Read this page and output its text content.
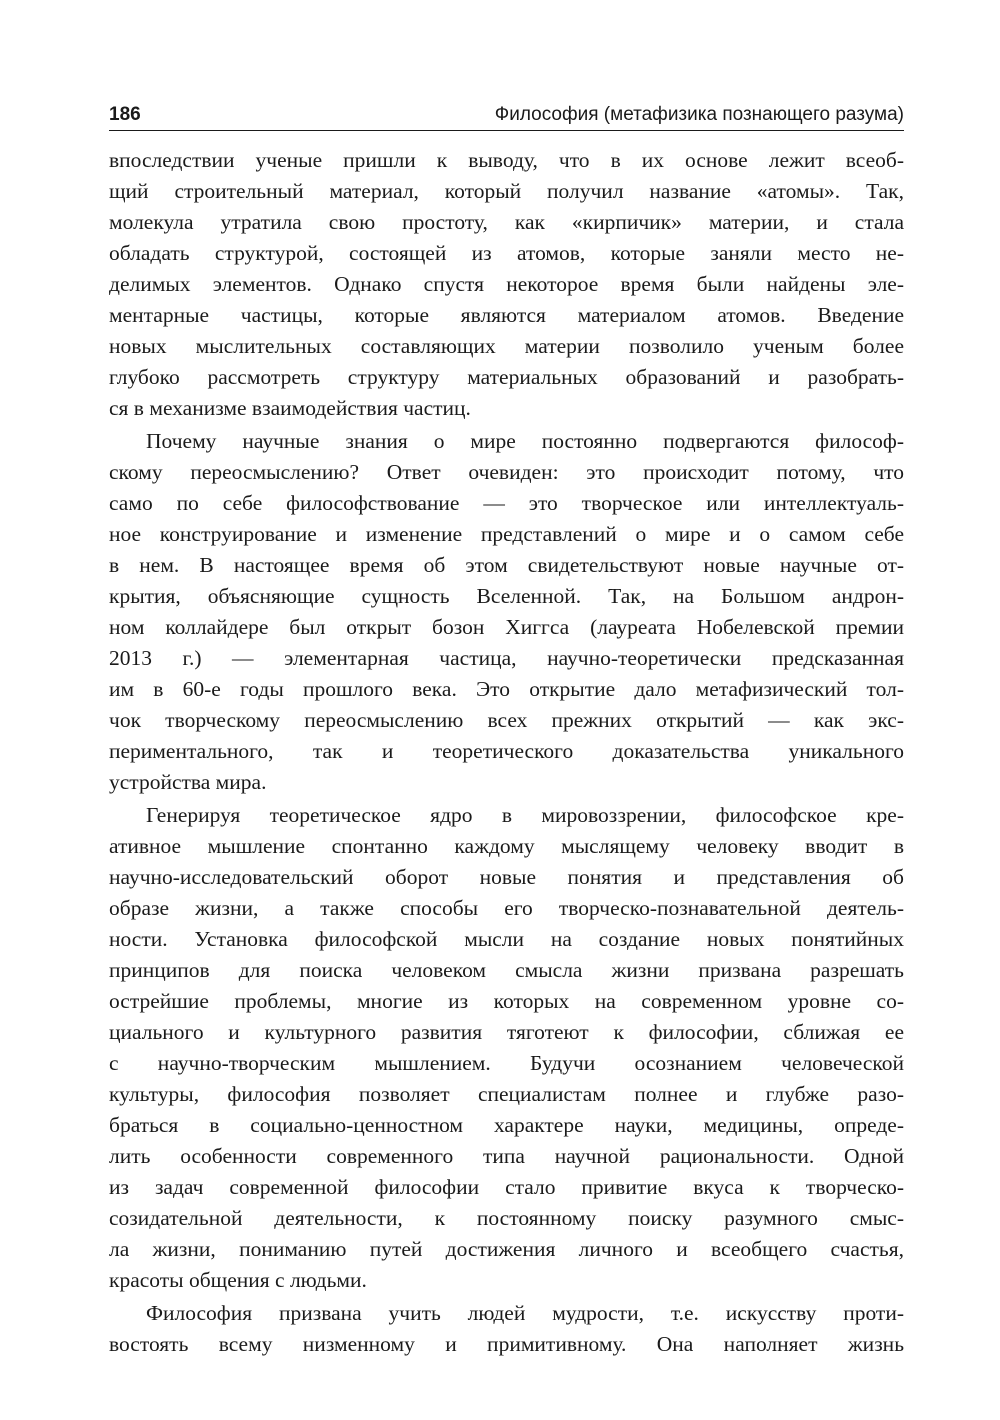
186	Философия (метафизика познающего разума)
впоследствии ученые пришли к выводу, что в их основе лежит всеоб-
щий строительный материал, который получил название «атомы». Так,
молекула утратила свою простоту, как «кирпичик» материи, и стала
обладать структурой, состоящей из атомов, которые заняли место не-
делимых элементов. Однако спустя некоторое время были найдены эле-
ментарные частицы, которые являются материалом атомов. Введение
новых мыслительных составляющих материи позволило ученым более
глубоко рассмотреть структуру материальных образований и разобрать-
ся в механизме взаимодействия частиц.
Почему научные знания о мире постоянно подвергаются философ-
скому переосмыслению? Ответ очевиден: это происходит потому, что
само по себе философствование — это творческое или интеллектуаль-
ное конструирование и изменение представлений о мире и о самом себе
в нем. В настоящее время об этом свидетельствуют новые научные от-
крытия, объясняющие сущность Вселенной. Так, на Большом андрон-
ном коллайдере был открыт бозон Хиггса (лауреата Нобелевской премии
2013 г.) — элементарная частица, научно-теоретически предсказанная
им в 60-е годы прошлого века. Это открытие дало метафизический тол-
чок творческому переосмыслению всех прежних открытий — как экс-
периментального, так и теоретического доказательства уникального
устройства мира.
Генерируя теоретическое ядро в мировоззрении, философское кре-
ативное мышление спонтанно каждому мыслящему человеку вводит в
научно-исследовательский оборот новые понятия и представления об
образе жизни, а также способы его творческо-познавательной деятель-
ности. Установка философской мысли на создание новых понятийных
принципов для поиска человеком смысла жизни призвана разрешать
острейшие проблемы, многие из которых на современном уровне со-
циального и культурного развития тяготеют к философии, сближая ее
с научно-творческим мышлением. Будучи осознанием человеческой
культуры, философия позволяет специалистам полнее и глубже разо-
браться в социально-ценностном характере науки, медицины, опреде-
лить особенности современного типа научной рациональности. Одной
из задач современной философии стало привитие вкуса к творческо-
созидательной деятельности, к постоянному поиску разумного смыс-
ла жизни, пониманию путей достижения личного и всеобщего счастья,
красоты общения с людьми.
Философия призвана учить людей мудрости, т.е. искусству проти-
востоять всему низменному и примитивному. Она наполняет жизнь
